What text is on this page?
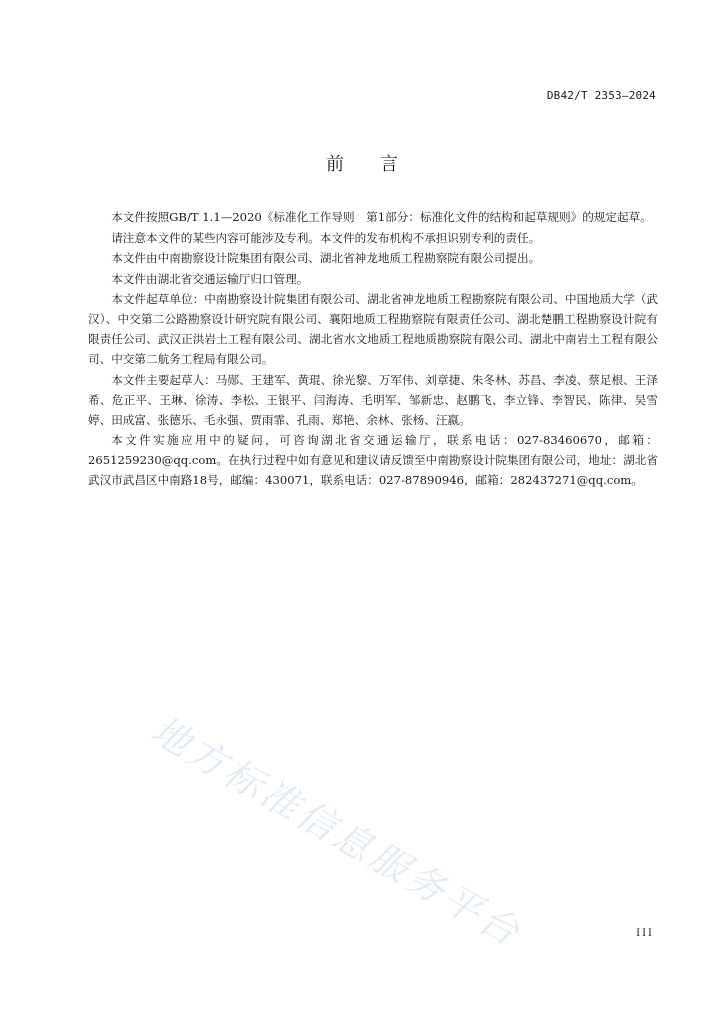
DB42/T 2353—2024
前言

本文件按照GB/T 1.1—2020《标准化工作导则　第1部分：标准化文件的结构和起草规则》的规定起草。

请注意本文件的某些内容可能涉及专利。本文件的发布机构不承担识别专利的责任。

本文件由中南勘察设计院集团有限公司、湖北省神龙地质工程勘察院有限公司提出。

本文件由湖北省交通运输厅归口管理。

本文件起草单位：中南勘察设计院集团有限公司、湖北省神龙地质工程勘察院有限公司、中国地质大学（武汉）、中交第二公路勘察设计研究院有限公司、襄阳地质工程勘察院有限责任公司、湖北楚鹏工程勘察设计院有限责任公司、武汉正洪岩土工程有限公司、湖北省水文地质工程地质勘察院有限公司、湖北中南岩土工程有限公司、中交第二航务工程局有限公司。

本文件主要起草人：马郧、王建军、黄琨、徐光黎、万军伟、刘章捷、朱冬林、苏昌、李凌、蔡足根、王泽希、危正平、王琳、徐涛、李松、王银平、闫海涛、毛明军、邹新忠、赵鹏飞、李立锋、李智民、陈律、吴雪婷、田成富、张德乐、毛永强、贾雨霏、孔雨、郑艳、余林、张杨、汪嬴。

本文件实施应用中的疑问，可咨询湖北省交通运输厅，联系电话：027-83460670，邮箱：2651259230@qq.com。在执行过程中如有意见和建议请反馈至中南勘察设计院集团有限公司，地址：湖北省武汉市武昌区中南路18号，邮编：430071，联系电话：027-87890946，邮箱：282437271@qq.com。

地方标准信息服务平台	III
